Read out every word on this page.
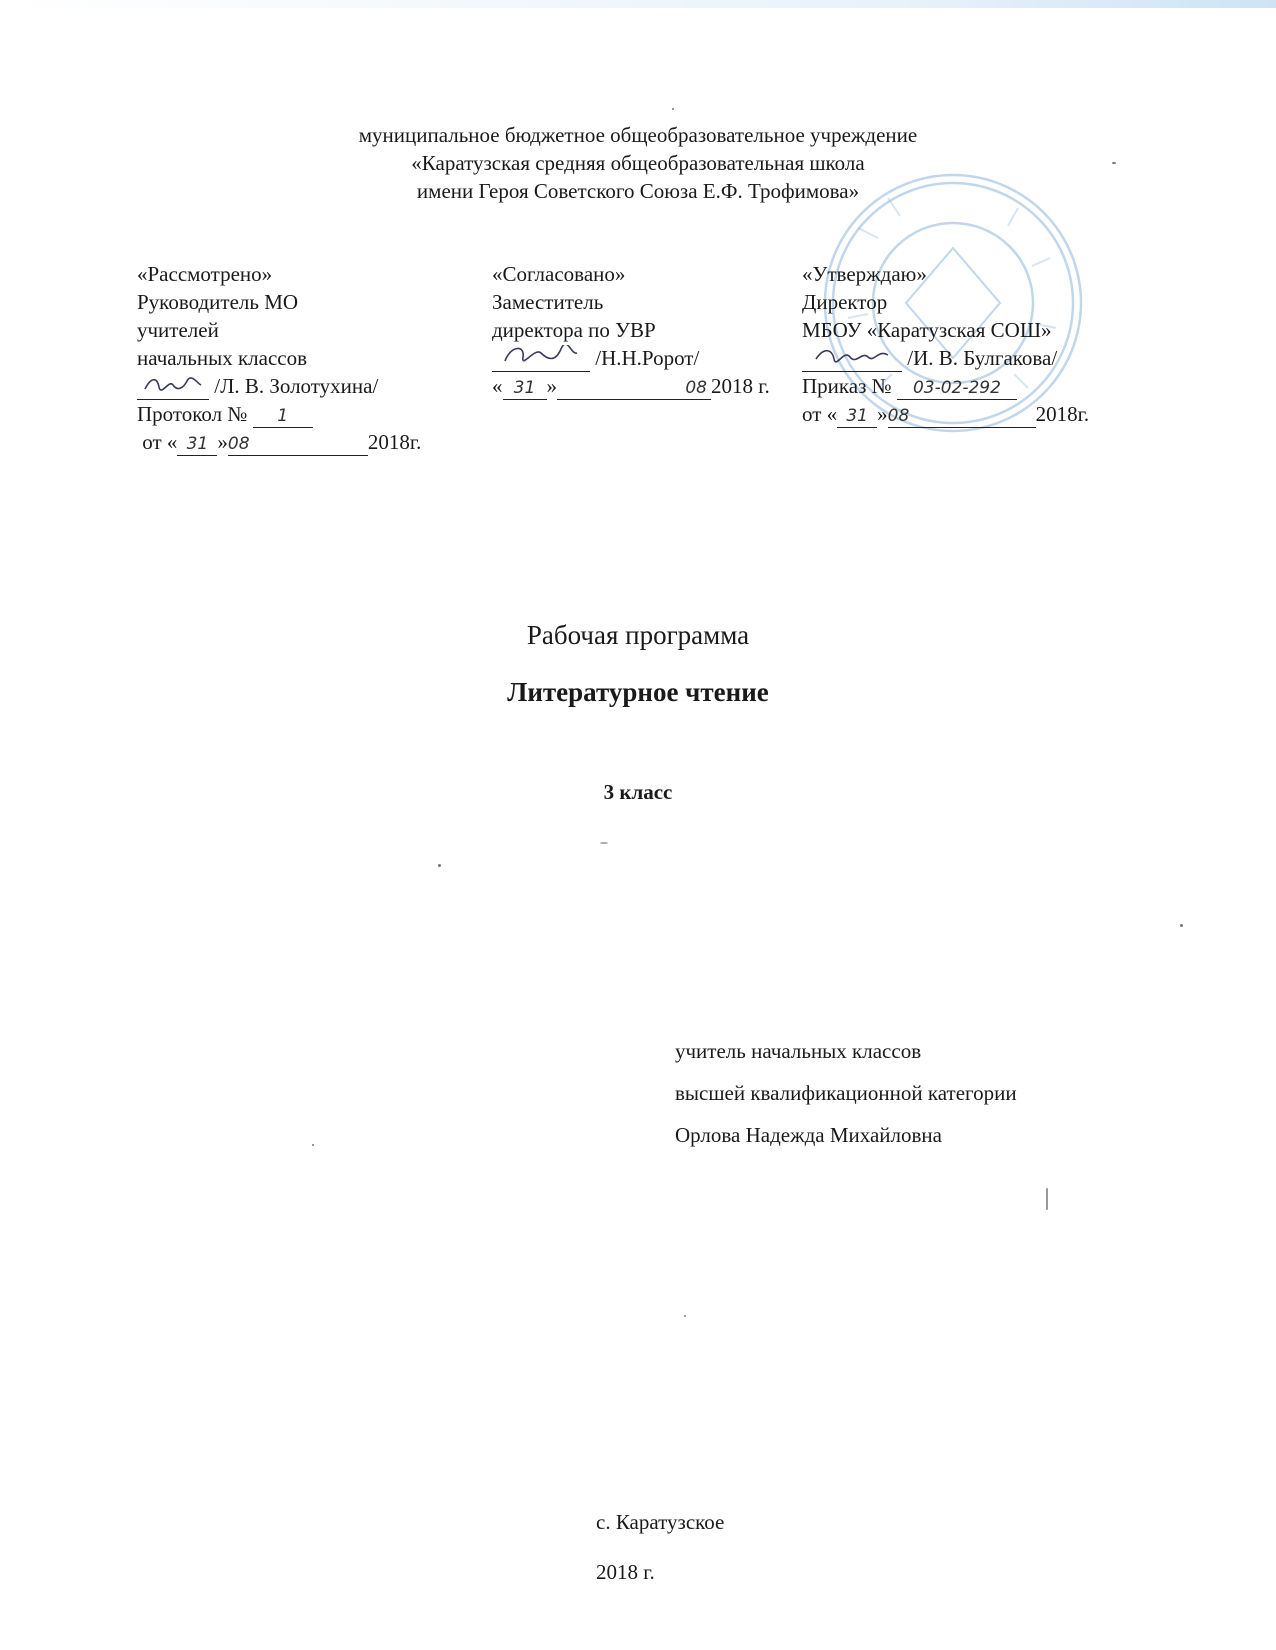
муниципальное бюджетное общеобразовательное учреждение
«Каратузская средняя общеобразовательная школа
имени Героя Советского Союза Е.Ф. Трофимова»
«Рассмотрено»
Руководитель МО
учителей
начальных классов
/Л. В. Золотухина/
Протокол № 1
от « 31 »08	2018г.
«Согласовано»
Заместитель
директора по УВР
/Н.Н.Ророт/
« 31 »	08 2018 г.
«Утверждаю»
Директор
МБОУ «Каратузская СОШ»
/И. В. Булгакова/
Приказ № 03-02-292
от « 31 »08	2018г.
Рабочая программа
Литературное чтение
3 класс
учитель начальных классов
высшей квалификационной категории
Орлова Надежда Михайловна
с. Каратузское
2018 г.
